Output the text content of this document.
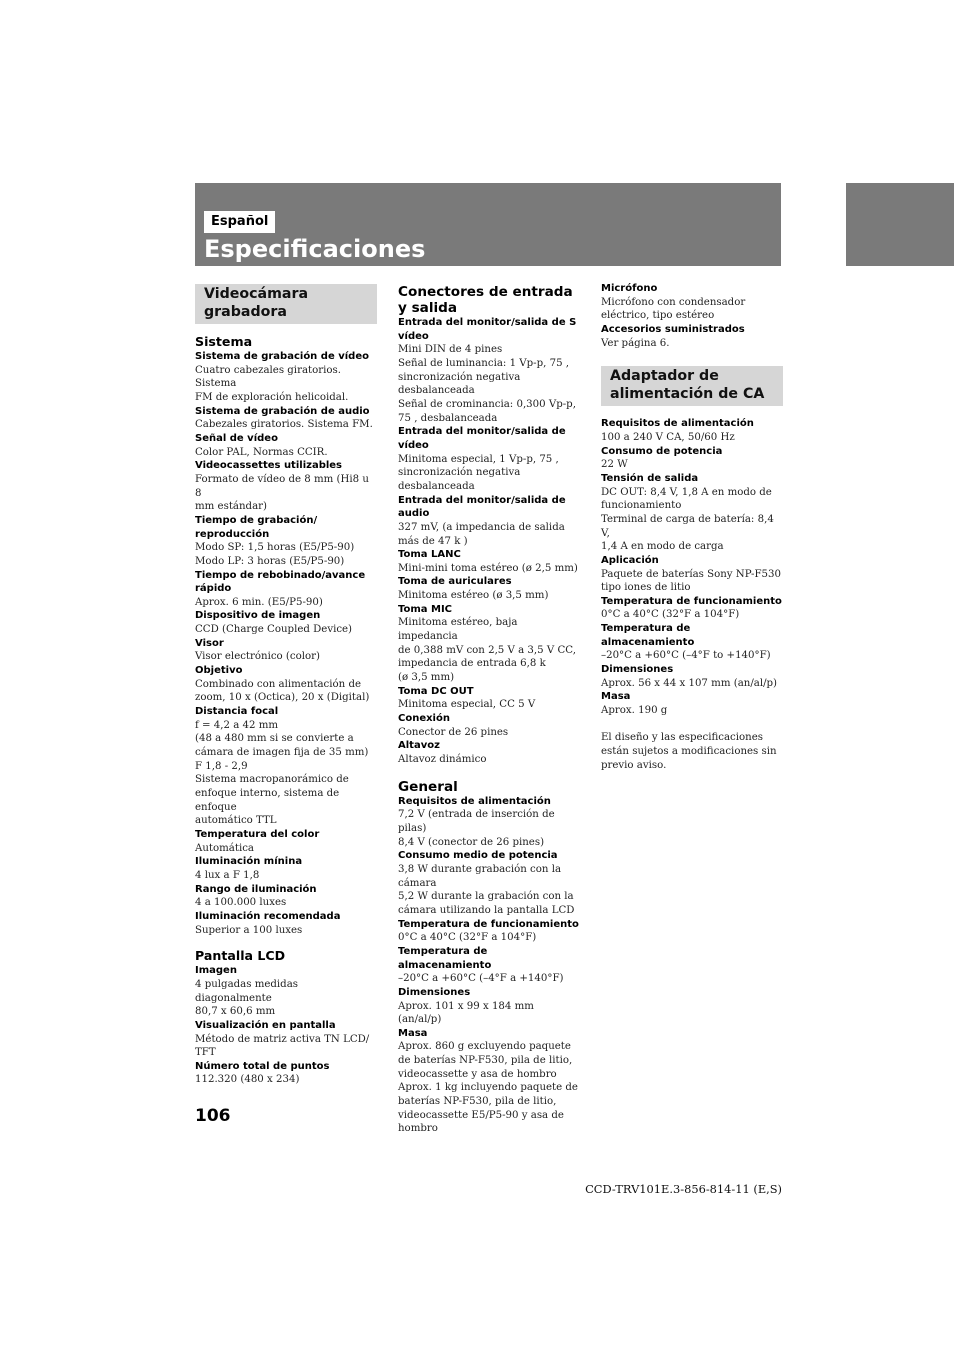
Español
Especificaciones
Videocámara
grabadora
Sistema
Sistema de grabación de vídeo
Cuatro cabezales giratorios. Sistema
FM de exploración helicoidal.
Sistema de grabación de audio
Cabezales giratorios. Sistema FM.
Señal de vídeo
Color PAL, Normas CCIR.
Videocassettes utilizables
Formato de vídeo de 8 mm (Hi8 u 8
mm estándar)
Tiempo de grabación/
reproducción
Modo SP: 1,5 horas (E5/P5-90)
Modo LP: 3 horas (E5/P5-90)
Tiempo de rebobinado/avance
rápido
Aprox. 6 min. (E5/P5-90)
Dispositivo de imagen
CCD (Charge Coupled Device)
Visor
Visor electrónico (color)
Objetivo
Combinado con alimentación de
zoom, 10 x (Octica), 20 x (Digital)
Distancia focal
f = 4,2 a 42 mm
(48 a 480 mm si se convierte a
cámara de imagen fija de 35 mm)
F 1,8 - 2,9
Sistema macropanorámico de
enfoque interno, sistema de enfoque
automático TTL
Temperatura del color
Automática
Iluminación mínina
4 lux a F 1,8
Rango de iluminación
4 a 100.000 luxes
Iluminación recomendada
Superior a 100 luxes
Pantalla LCD
Imagen
4 pulgadas medidas diagonalmente
80,7 x 60,6 mm
Visualización en pantalla
Método de matriz activa TN LCD/
TFT
Número total de puntos
112.320 (480 x 234)
Conectores de entrada
y salida
Entrada del monitor/salida de S
vídeo
Mini DIN de 4 pines
Señal de luminancia: 1 Vp-p, 75 ,
sincronización negativa
desbalanceada
Señal de crominancia: 0,300 Vp-p,
75 , desbalanceada
Entrada del monitor/salida de
vídeo
Minitoma especial, 1 Vp-p, 75 ,
sincronización negativa
desbalanceada
Entrada del monitor/salida de
audio
327 mV, (a impedancia de salida
más de 47 k )
Toma LANC
Mini-mini toma estéreo (ø 2,5 mm)
Toma de auriculares
Minitoma estéreo (ø 3,5 mm)
Toma MIC
Minitoma estéreo, baja impedancia
de 0,388 mV con 2,5 V a 3,5 V CC,
impedancia de entrada 6,8 k
(ø 3,5 mm)
Toma DC OUT
Minitoma especial, CC 5 V
Conexión
Conector de 26 pines
Altavoz
Altavoz dinámico
General
Requisitos de alimentación
7,2 V (entrada de inserción de pilas)
8,4 V (conector de 26 pines)
Consumo medio de potencia
3,8 W durante grabación con la
cámara
5,2 W durante la grabación con la
cámara utilizando la pantalla LCD
Temperatura de funcionamiento
0°C a 40°C (32°F a 104°F)
Temperatura de almacenamiento
–20°C a +60°C (–4°F a +140°F)
Dimensiones
Aprox. 101 x 99 x 184 mm
(an/al/p)
Masa
Aprox. 860 g excluyendo paquete
de baterías NP-F530, pila de litio,
videocassette y asa de hombro
Aprox. 1 kg incluyendo paquete de
baterías NP-F530, pila de litio,
videocassette E5/P5-90 y asa de
hombro
Micrófono
Micrófono con condensador
eléctrico, tipo estéreo
Accesorios suministrados
Ver página 6.
Adaptador de
alimentación de CA
Requisitos de alimentación
100 a 240 V CA, 50/60 Hz
Consumo de potencia
22 W
Tensión de salida
DC OUT: 8,4 V, 1,8 A en modo de
funcionamiento
Terminal de carga de batería: 8,4 V,
1,4 A en modo de carga
Aplicación
Paquete de baterías Sony NP-F530
tipo iones de litio
Temperatura de funcionamiento
0°C a 40°C (32°F a 104°F)
Temperatura de almacenamiento
–20°C a +60°C (–4°F to +140°F)
Dimensiones
Aprox. 56 x 44 x 107 mm (an/al/p)
Masa
Aprox. 190 g
El diseño y las especificaciones
están sujetos a modificaciones sin
previo aviso.
106
CCD-TRV101E.3-856-814-11 (E,S)
